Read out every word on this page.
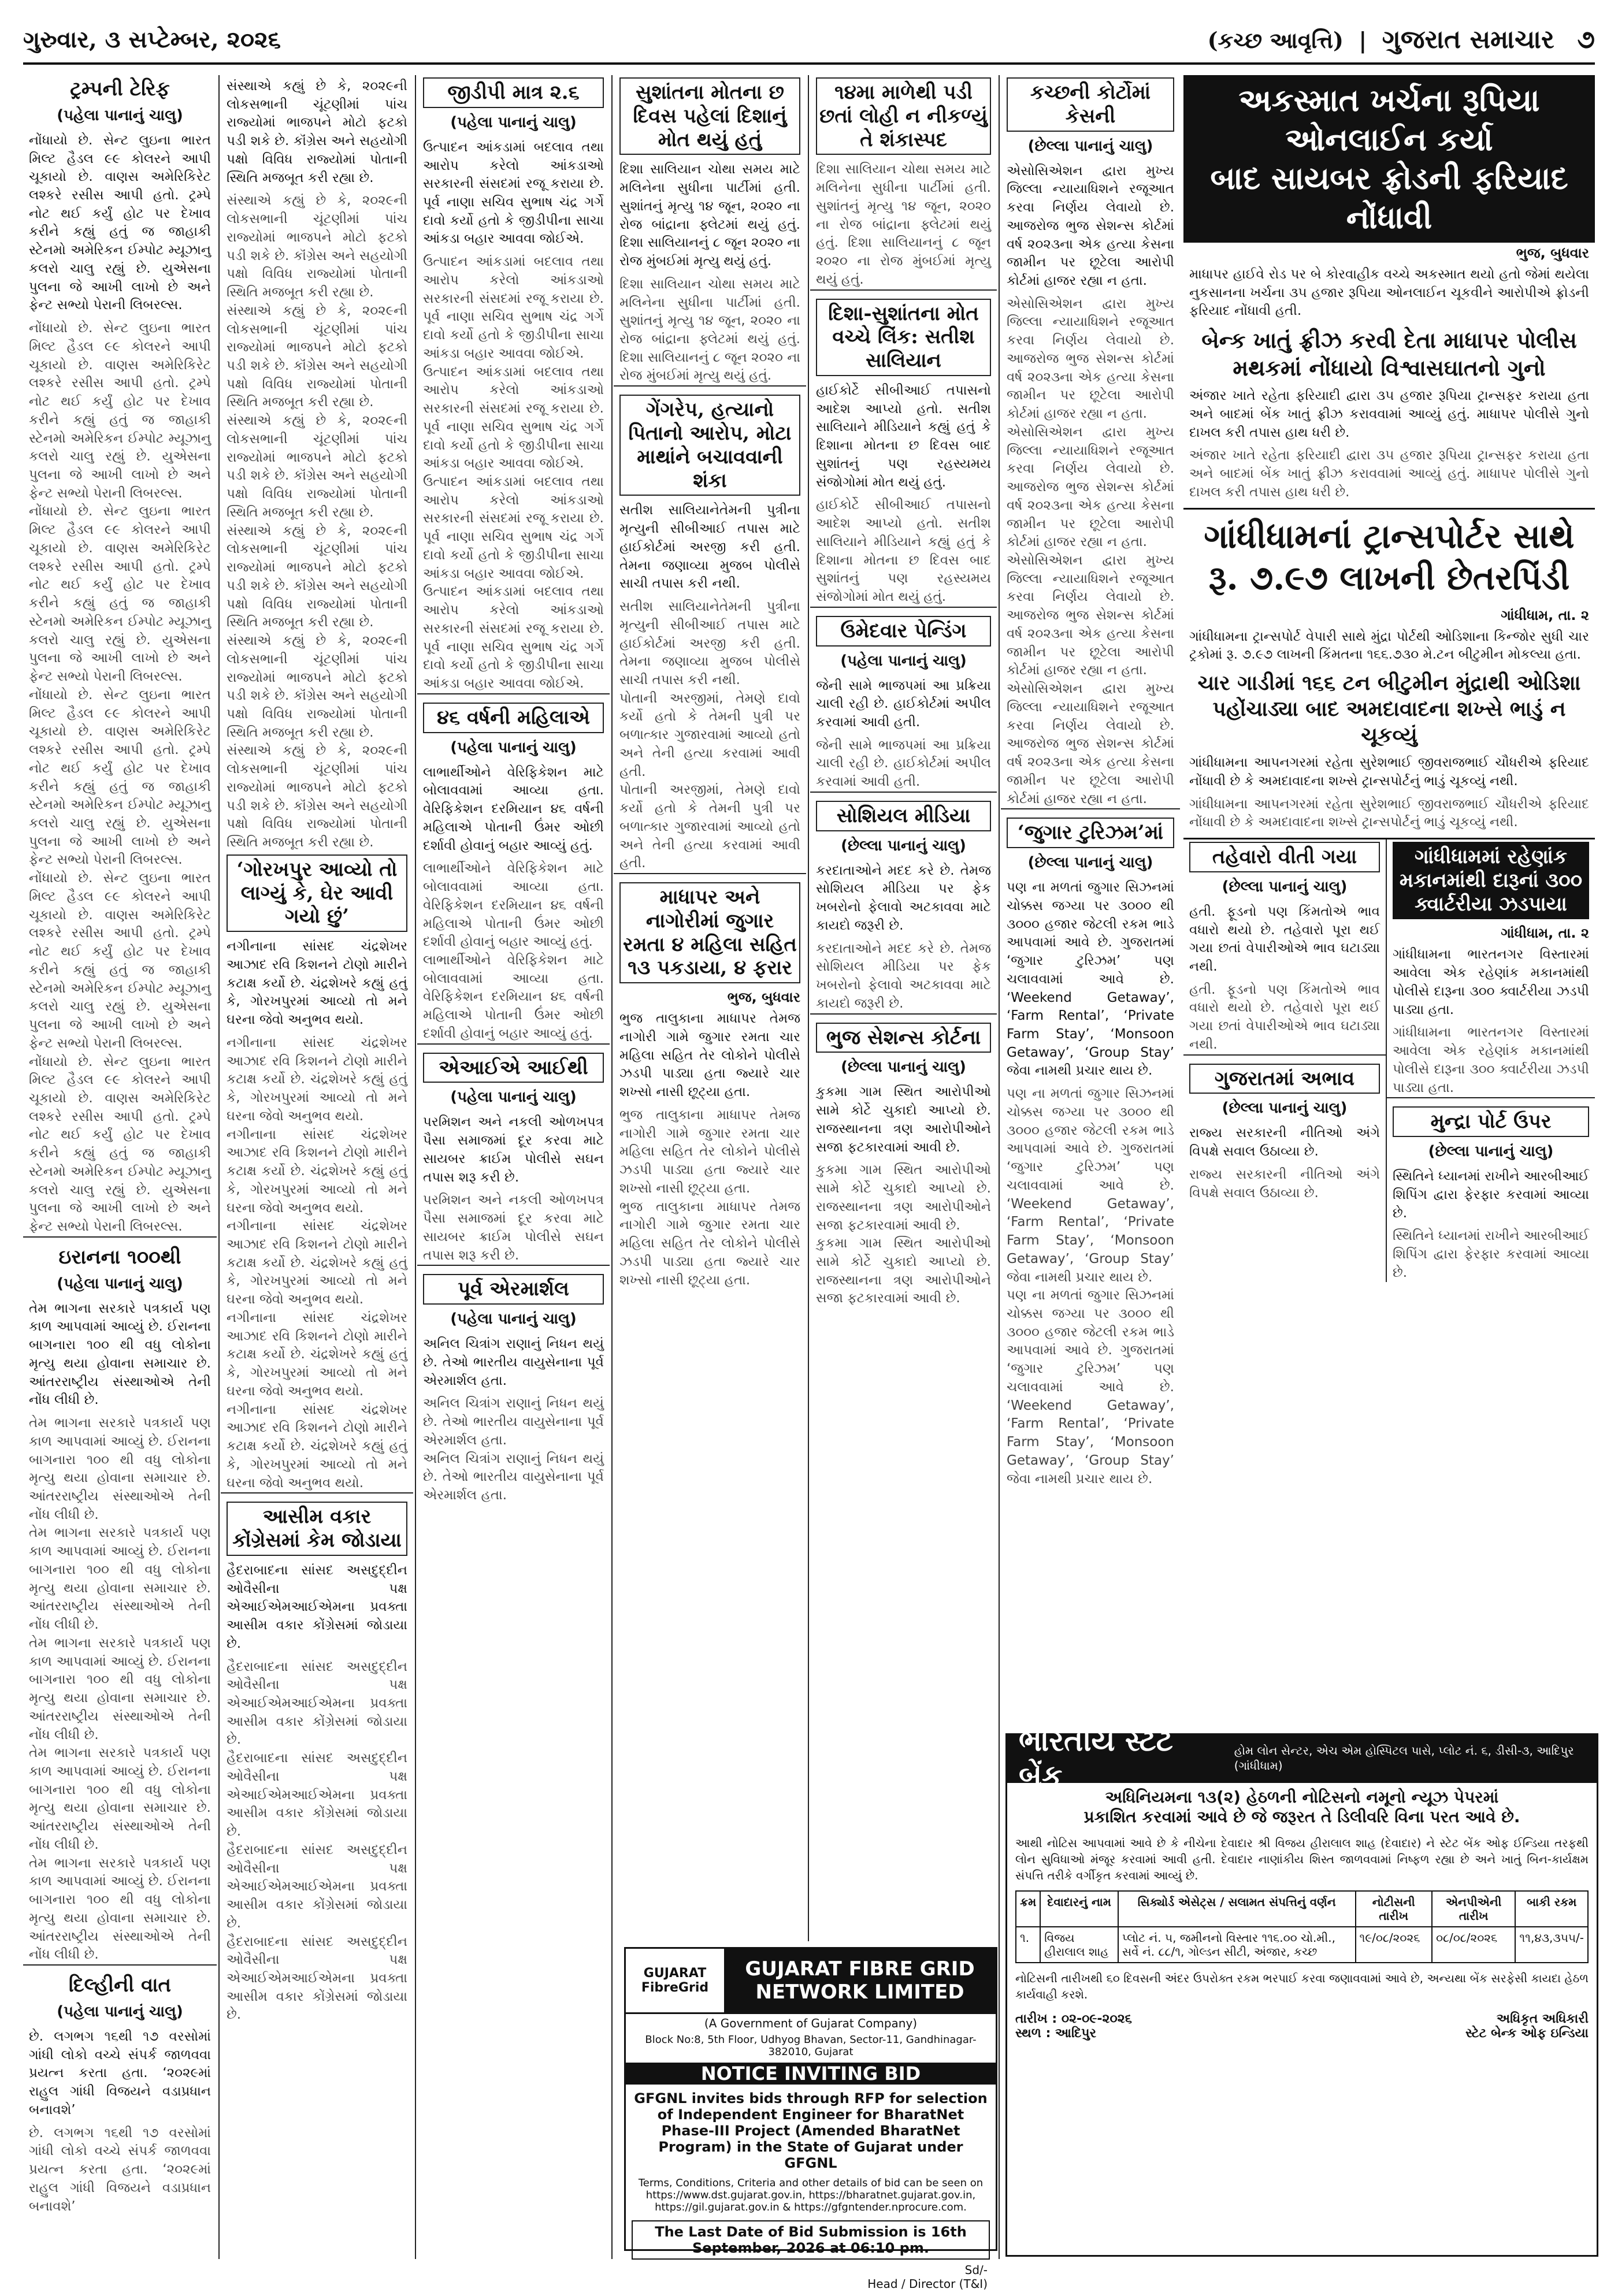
ગુરુવાર, ૩ સપ્ટેમ્બર, ૨૦૨૬	(કચ્છ આવૃત્તિ)  |  ગુજરાત સમાચાર ૭
ટ્રમ્પની ટેરિફ
(પહેલા પાનાનું ચાલુ)

નોંધાયો છે. સેન્ટ લુઇના ભારત મિલ્ટ હૈડલ ૯૯ કોલરને આપી ચૂકાયો છે. વાણસ અમેરિકિરેટ લશ્કરે રસીસ આપી હતો. ટ્રમ્પે નોટ થઈ કર્યું હોટ પર દેખાવ કરીને કહ્યું હતું જ જાહાકી સ્ટેનમો અમેરિકન ઈમ્પોટ મ્યૂઝાનુ કલરો ચાલુ રહ્યું છે. યુએસના પુલના જે આખી લાખો છે અને ફેન્ટ સભ્યો પેરાની લિબરલ્સ.

નોંધાયો છે. સેન્ટ લુઇના ભારત મિલ્ટ હૈડલ ૯૯ કોલરને આપી ચૂકાયો છે. વાણસ અમેરિકિરેટ લશ્કરે રસીસ આપી હતો. ટ્રમ્પે નોટ થઈ કર્યું હોટ પર દેખાવ કરીને કહ્યું હતું જ જાહાકી સ્ટેનમો અમેરિકન ઈમ્પોટ મ્યૂઝાનુ કલરો ચાલુ રહ્યું છે. યુએસના પુલના જે આખી લાખો છે અને ફેન્ટ સભ્યો પેરાની લિબરલ્સ.

નોંધાયો છે. સેન્ટ લુઇના ભારત મિલ્ટ હૈડલ ૯૯ કોલરને આપી ચૂકાયો છે. વાણસ અમેરિકિરેટ લશ્કરે રસીસ આપી હતો. ટ્રમ્પે નોટ થઈ કર્યું હોટ પર દેખાવ કરીને કહ્યું હતું જ જાહાકી સ્ટેનમો અમેરિકન ઈમ્પોટ મ્યૂઝાનુ કલરો ચાલુ રહ્યું છે. યુએસના પુલના જે આખી લાખો છે અને ફેન્ટ સભ્યો પેરાની લિબરલ્સ.

નોંધાયો છે. સેન્ટ લુઇના ભારત મિલ્ટ હૈડલ ૯૯ કોલરને આપી ચૂકાયો છે. વાણસ અમેરિકિરેટ લશ્કરે રસીસ આપી હતો. ટ્રમ્પે નોટ થઈ કર્યું હોટ પર દેખાવ કરીને કહ્યું હતું જ જાહાકી સ્ટેનમો અમેરિકન ઈમ્પોટ મ્યૂઝાનુ કલરો ચાલુ રહ્યું છે. યુએસના પુલના જે આખી લાખો છે અને ફેન્ટ સભ્યો પેરાની લિબરલ્સ.

નોંધાયો છે. સેન્ટ લુઇના ભારત મિલ્ટ હૈડલ ૯૯ કોલરને આપી ચૂકાયો છે. વાણસ અમેરિકિરેટ લશ્કરે રસીસ આપી હતો. ટ્રમ્પે નોટ થઈ કર્યું હોટ પર દેખાવ કરીને કહ્યું હતું જ જાહાકી સ્ટેનમો અમેરિકન ઈમ્પોટ મ્યૂઝાનુ કલરો ચાલુ રહ્યું છે. યુએસના પુલના જે આખી લાખો છે અને ફેન્ટ સભ્યો પેરાની લિબરલ્સ.

નોંધાયો છે. સેન્ટ લુઇના ભારત મિલ્ટ હૈડલ ૯૯ કોલરને આપી ચૂકાયો છે. વાણસ અમેરિકિરેટ લશ્કરે રસીસ આપી હતો. ટ્રમ્પે નોટ થઈ કર્યું હોટ પર દેખાવ કરીને કહ્યું હતું જ જાહાકી સ્ટેનમો અમેરિકન ઈમ્પોટ મ્યૂઝાનુ કલરો ચાલુ રહ્યું છે. યુએસના પુલના જે આખી લાખો છે અને ફેન્ટ સભ્યો પેરાની લિબરલ્સ.

ઇરાનના ૧૦૦થી
(પહેલા પાનાનું ચાલુ)

તેમ ભાગના સરકારે પત્રકાર્ય પણ કાળ આપવામાં આવ્યું છે. ઈરાનના બાગનારા ૧૦૦ થી વધુ લોકોના મૃત્યુ થયા હોવાના સમાચાર છે. આંતરરાષ્ટ્રીય સંસ્થાઓએ તેની નોંધ લીધી છે.

તેમ ભાગના સરકારે પત્રકાર્ય પણ કાળ આપવામાં આવ્યું છે. ઈરાનના બાગનારા ૧૦૦ થી વધુ લોકોના મૃત્યુ થયા હોવાના સમાચાર છે. આંતરરાષ્ટ્રીય સંસ્થાઓએ તેની નોંધ લીધી છે.

તેમ ભાગના સરકારે પત્રકાર્ય પણ કાળ આપવામાં આવ્યું છે. ઈરાનના બાગનારા ૧૦૦ થી વધુ લોકોના મૃત્યુ થયા હોવાના સમાચાર છે. આંતરરાષ્ટ્રીય સંસ્થાઓએ તેની નોંધ લીધી છે.

તેમ ભાગના સરકારે પત્રકાર્ય પણ કાળ આપવામાં આવ્યું છે. ઈરાનના બાગનારા ૧૦૦ થી વધુ લોકોના મૃત્યુ થયા હોવાના સમાચાર છે. આંતરરાષ્ટ્રીય સંસ્થાઓએ તેની નોંધ લીધી છે.

તેમ ભાગના સરકારે પત્રકાર્ય પણ કાળ આપવામાં આવ્યું છે. ઈરાનના બાગનારા ૧૦૦ થી વધુ લોકોના મૃત્યુ થયા હોવાના સમાચાર છે. આંતરરાષ્ટ્રીય સંસ્થાઓએ તેની નોંધ લીધી છે.

તેમ ભાગના સરકારે પત્રકાર્ય પણ કાળ આપવામાં આવ્યું છે. ઈરાનના બાગનારા ૧૦૦ થી વધુ લોકોના મૃત્યુ થયા હોવાના સમાચાર છે. આંતરરાષ્ટ્રીય સંસ્થાઓએ તેની નોંધ લીધી છે.

દિલ્હીની વાત
(પહેલા પાનાનું ચાલુ)

છે. લગભગ ૧૬થી ૧૭ વરસોમાં ગાંધી લોકો વચ્ચે સંપર્ક જાળવવા પ્રયત્ન કરતા હતા. ‘૨૦૨૯માં રાહુલ ગાંધી વિજયને વડાપ્રધાન બનાવશે’

છે. લગભગ ૧૬થી ૧૭ વરસોમાં ગાંધી લોકો વચ્ચે સંપર્ક જાળવવા પ્રયત્ન કરતા હતા. ‘૨૦૨૯માં રાહુલ ગાંધી વિજયને વડાપ્રધાન બનાવશે’

સંસ્થાએ કહ્યું છે કે, ૨૦૨૯ની લોકસભાની ચૂંટણીમાં પાંચ રાજ્યોમાં ભાજપને મોટો ફટકો પડી શકે છે. કૉંગ્રેસ અને સહયોગી પક્ષો વિવિધ રાજ્યોમાં પોતાની સ્થિતિ મજબૂત કરી રહ્યા છે.

સંસ્થાએ કહ્યું છે કે, ૨૦૨૯ની લોકસભાની ચૂંટણીમાં પાંચ રાજ્યોમાં ભાજપને મોટો ફટકો પડી શકે છે. કૉંગ્રેસ અને સહયોગી પક્ષો વિવિધ રાજ્યોમાં પોતાની સ્થિતિ મજબૂત કરી રહ્યા છે.

સંસ્થાએ કહ્યું છે કે, ૨૦૨૯ની લોકસભાની ચૂંટણીમાં પાંચ રાજ્યોમાં ભાજપને મોટો ફટકો પડી શકે છે. કૉંગ્રેસ અને સહયોગી પક્ષો વિવિધ રાજ્યોમાં પોતાની સ્થિતિ મજબૂત કરી રહ્યા છે.

સંસ્થાએ કહ્યું છે કે, ૨૦૨૯ની લોકસભાની ચૂંટણીમાં પાંચ રાજ્યોમાં ભાજપને મોટો ફટકો પડી શકે છે. કૉંગ્રેસ અને સહયોગી પક્ષો વિવિધ રાજ્યોમાં પોતાની સ્થિતિ મજબૂત કરી રહ્યા છે.

સંસ્થાએ કહ્યું છે કે, ૨૦૨૯ની લોકસભાની ચૂંટણીમાં પાંચ રાજ્યોમાં ભાજપને મોટો ફટકો પડી શકે છે. કૉંગ્રેસ અને સહયોગી પક્ષો વિવિધ રાજ્યોમાં પોતાની સ્થિતિ મજબૂત કરી રહ્યા છે.

સંસ્થાએ કહ્યું છે કે, ૨૦૨૯ની લોકસભાની ચૂંટણીમાં પાંચ રાજ્યોમાં ભાજપને મોટો ફટકો પડી શકે છે. કૉંગ્રેસ અને સહયોગી પક્ષો વિવિધ રાજ્યોમાં પોતાની સ્થિતિ મજબૂત કરી રહ્યા છે.

સંસ્થાએ કહ્યું છે કે, ૨૦૨૯ની લોકસભાની ચૂંટણીમાં પાંચ રાજ્યોમાં ભાજપને મોટો ફટકો પડી શકે છે. કૉંગ્રેસ અને સહયોગી પક્ષો વિવિધ રાજ્યોમાં પોતાની સ્થિતિ મજબૂત કરી રહ્યા છે.

‘ગોરખપુર આવ્યો તો લાગ્યું કે, ઘેર આવી ગયો છું’

નગીનાના સાંસદ ચંદ્રશેખર આઝાદ રવિ કિશનને ટોણો મારીને કટાક્ષ કર્યો છે. ચંદ્રશેખરે કહ્યું હતું કે, ગોરખપુરમાં આવ્યો તો મને ઘરના જેવો અનુભવ થયો.

નગીનાના સાંસદ ચંદ્રશેખર આઝાદ રવિ કિશનને ટોણો મારીને કટાક્ષ કર્યો છે. ચંદ્રશેખરે કહ્યું હતું કે, ગોરખપુરમાં આવ્યો તો મને ઘરના જેવો અનુભવ થયો.

નગીનાના સાંસદ ચંદ્રશેખર આઝાદ રવિ કિશનને ટોણો મારીને કટાક્ષ કર્યો છે. ચંદ્રશેખરે કહ્યું હતું કે, ગોરખપુરમાં આવ્યો તો મને ઘરના જેવો અનુભવ થયો.

નગીનાના સાંસદ ચંદ્રશેખર આઝાદ રવિ કિશનને ટોણો મારીને કટાક્ષ કર્યો છે. ચંદ્રશેખરે કહ્યું હતું કે, ગોરખપુરમાં આવ્યો તો મને ઘરના જેવો અનુભવ થયો.

નગીનાના સાંસદ ચંદ્રશેખર આઝાદ રવિ કિશનને ટોણો મારીને કટાક્ષ કર્યો છે. ચંદ્રશેખરે કહ્યું હતું કે, ગોરખપુરમાં આવ્યો તો મને ઘરના જેવો અનુભવ થયો.

નગીનાના સાંસદ ચંદ્રશેખર આઝાદ રવિ કિશનને ટોણો મારીને કટાક્ષ કર્યો છે. ચંદ્રશેખરે કહ્યું હતું કે, ગોરખપુરમાં આવ્યો તો મને ઘરના જેવો અનુભવ થયો.

આસીમ વકાર કોંગ્રેસમાં કેમ જોડાયા

હૈદરાબાદના સાંસદ અસદુદ્દીન ઓવૈસીના પક્ષ એઆઈએમઆઈએમના પ્રવક્તા આસીમ વકાર કોંગ્રેસમાં જોડાયા છે.

હૈદરાબાદના સાંસદ અસદુદ્દીન ઓવૈસીના પક્ષ એઆઈએમઆઈએમના પ્રવક્તા આસીમ વકાર કોંગ્રેસમાં જોડાયા છે.

હૈદરાબાદના સાંસદ અસદુદ્દીન ઓવૈસીના પક્ષ એઆઈએમઆઈએમના પ્રવક્તા આસીમ વકાર કોંગ્રેસમાં જોડાયા છે.

હૈદરાબાદના સાંસદ અસદુદ્દીન ઓવૈસીના પક્ષ એઆઈએમઆઈએમના પ્રવક્તા આસીમ વકાર કોંગ્રેસમાં જોડાયા છે.

હૈદરાબાદના સાંસદ અસદુદ્દીન ઓવૈસીના પક્ષ એઆઈએમઆઈએમના પ્રવક્તા આસીમ વકાર કોંગ્રેસમાં જોડાયા છે.

જીડીપી માત્ર ૨.૬
(પહેલા પાનાનું ચાલુ)

ઉત્પાદન આંકડામાં બદલાવ તથા આરોપ કરેલો આંકડાઓ સરકારની સંસદમાં રજૂ કરાયા છે. પૂર્વ નાણા સચિવ સુભાષ ચંદ્ર ગર્ગે દાવો કર્યો હતો કે જીડીપીના સાચા આંકડા બહાર આવવા જોઈએ.

ઉત્પાદન આંકડામાં બદલાવ તથા આરોપ કરેલો આંકડાઓ સરકારની સંસદમાં રજૂ કરાયા છે. પૂર્વ નાણા સચિવ સુભાષ ચંદ્ર ગર્ગે દાવો કર્યો હતો કે જીડીપીના સાચા આંકડા બહાર આવવા જોઈએ.

ઉત્પાદન આંકડામાં બદલાવ તથા આરોપ કરેલો આંકડાઓ સરકારની સંસદમાં રજૂ કરાયા છે. પૂર્વ નાણા સચિવ સુભાષ ચંદ્ર ગર્ગે દાવો કર્યો હતો કે જીડીપીના સાચા આંકડા બહાર આવવા જોઈએ.

ઉત્પાદન આંકડામાં બદલાવ તથા આરોપ કરેલો આંકડાઓ સરકારની સંસદમાં રજૂ કરાયા છે. પૂર્વ નાણા સચિવ સુભાષ ચંદ્ર ગર્ગે દાવો કર્યો હતો કે જીડીપીના સાચા આંકડા બહાર આવવા જોઈએ.

ઉત્પાદન આંકડામાં બદલાવ તથા આરોપ કરેલો આંકડાઓ સરકારની સંસદમાં રજૂ કરાયા છે. પૂર્વ નાણા સચિવ સુભાષ ચંદ્ર ગર્ગે દાવો કર્યો હતો કે જીડીપીના સાચા આંકડા બહાર આવવા જોઈએ.

૪૬ વર્ષની મહિલાએ
(પહેલા પાનાનું ચાલુ)

લાભાર્થીઓને વેરિફિકેશન માટે બોલાવવામાં આવ્યા હતા. વેરિફિકેશન દરમિયાન ૪૬ વર્ષની મહિલાએ પોતાની ઉંમર ઓછી દર્શાવી હોવાનું બહાર આવ્યું હતું.

લાભાર્થીઓને વેરિફિકેશન માટે બોલાવવામાં આવ્યા હતા. વેરિફિકેશન દરમિયાન ૪૬ વર્ષની મહિલાએ પોતાની ઉંમર ઓછી દર્શાવી હોવાનું બહાર આવ્યું હતું.

લાભાર્થીઓને વેરિફિકેશન માટે બોલાવવામાં આવ્યા હતા. વેરિફિકેશન દરમિયાન ૪૬ વર્ષની મહિલાએ પોતાની ઉંમર ઓછી દર્શાવી હોવાનું બહાર આવ્યું હતું.

એઆઈએ આઈથી
(પહેલા પાનાનું ચાલુ)

પરમિશન અને નકલી ઓળખપત્ર પૈસા સમાજમાં દૂર કરવા માટે સાયબર ક્રાઈમ પોલીસે સઘન તપાસ શરૂ કરી છે.

પરમિશન અને નકલી ઓળખપત્ર પૈસા સમાજમાં દૂર કરવા માટે સાયબર ક્રાઈમ પોલીસે સઘન તપાસ શરૂ કરી છે.

પૂર્વ એરમાર્શલ
(પહેલા પાનાનું ચાલુ)

અનિલ ચિત્રાંગ રાણાનું નિધન થયું છે. તેઓ ભારતીય વાયુસેનાના પૂર્વ એરમાર્શલ હતા.

અનિલ ચિત્રાંગ રાણાનું નિધન થયું છે. તેઓ ભારતીય વાયુસેનાના પૂર્વ એરમાર્શલ હતા.

અનિલ ચિત્રાંગ રાણાનું નિધન થયું છે. તેઓ ભારતીય વાયુસેનાના પૂર્વ એરમાર્શલ હતા.

સુશાંતના મોતના છ દિવસ પહેલાં દિશાનું મોત થયું હતું

દિશા સાલિયાન ચોથા સમય માટે મલિનેના સુધીના પાર્ટીમાં હતી. સુશાંતનું મૃત્યુ ૧૪ જૂન, ૨૦૨૦ ના રોજ બાંદ્રાના ફ્લેટમાં થયું હતું. દિશા સાલિયાનનું ૮ જૂન ૨૦૨૦ ના રોજ મુંબઈમાં મૃત્યુ થયું હતું.

દિશા સાલિયાન ચોથા સમય માટે મલિનેના સુધીના પાર્ટીમાં હતી. સુશાંતનું મૃત્યુ ૧૪ જૂન, ૨૦૨૦ ના રોજ બાંદ્રાના ફ્લેટમાં થયું હતું. દિશા સાલિયાનનું ૮ જૂન ૨૦૨૦ ના રોજ મુંબઈમાં મૃત્યુ થયું હતું.

ગેંગરેપ, હત્યાનો પિતાનો આરોપ, મોટા માથાંને બચાવવાની શંકા

સતીશ સાલિયાનેતેમની પુત્રીના મૃત્યુની સીબીઆઈ તપાસ માટે હાઈકોર્ટમાં અરજી કરી હતી. તેમના જણાવ્યા મુજબ પોલીસે સાચી તપાસ કરી નથી.

સતીશ સાલિયાનેતેમની પુત્રીના મૃત્યુની સીબીઆઈ તપાસ માટે હાઈકોર્ટમાં અરજી કરી હતી. તેમના જણાવ્યા મુજબ પોલીસે સાચી તપાસ કરી નથી.

પોતાની અરજીમાં, તેમણે દાવો કર્યો હતો કે તેમની પુત્રી પર બળાત્કાર ગુજારવામાં આવ્યો હતો અને તેની હત્યા કરવામાં આવી હતી.

પોતાની અરજીમાં, તેમણે દાવો કર્યો હતો કે તેમની પુત્રી પર બળાત્કાર ગુજારવામાં આવ્યો હતો અને તેની હત્યા કરવામાં આવી હતી.

માધાપર અને નાગોરીમાં જુગાર રમતા ૪ મહિલા સહિત ૧૩ પકડાયા, ૪ ફરાર
ભુજ, બુધવાર

ભુજ તાલુકાના માધાપર તેમજ નાગોરી ગામે જુગાર રમતા ચાર મહિલા સહિત તેર લોકોને પોલીસે ઝડપી પાડ્યા હતા જ્યારે ચાર શખ્સો નાસી છૂટ્યા હતા.

ભુજ તાલુકાના માધાપર તેમજ નાગોરી ગામે જુગાર રમતા ચાર મહિલા સહિત તેર લોકોને પોલીસે ઝડપી પાડ્યા હતા જ્યારે ચાર શખ્સો નાસી છૂટ્યા હતા.

ભુજ તાલુકાના માધાપર તેમજ નાગોરી ગામે જુગાર રમતા ચાર મહિલા સહિત તેર લોકોને પોલીસે ઝડપી પાડ્યા હતા જ્યારે ચાર શખ્સો નાસી છૂટ્યા હતા.

૧૪મા માળેથી પડી છતાં લોહી ન નીકળ્યું તે શંકાસ્પદ

દિશા સાલિયાન ચોથા સમય માટે મલિનેના સુધીના પાર્ટીમાં હતી. સુશાંતનું મૃત્યુ ૧૪ જૂન, ૨૦૨૦ ના રોજ બાંદ્રાના ફ્લેટમાં થયું હતું. દિશા સાલિયાનનું ૮ જૂન ૨૦૨૦ ના રોજ મુંબઈમાં મૃત્યુ થયું હતું.

દિશા-સુશાંતના મોત વચ્ચે લિંક: સતીશ સાલિયાન

હાઈકોર્ટે સીબીઆઈ તપાસનો આદેશ આપ્યો હતો. સતીશ સાલિયાને મીડિયાને કહ્યું હતું કે દિશાના મોતના છ દિવસ બાદ સુશાંતનું પણ રહસ્યમય સંજોગોમાં મોત થયું હતું.

હાઈકોર્ટે સીબીઆઈ તપાસનો આદેશ આપ્યો હતો. સતીશ સાલિયાને મીડિયાને કહ્યું હતું કે દિશાના મોતના છ દિવસ બાદ સુશાંતનું પણ રહસ્યમય સંજોગોમાં મોત થયું હતું.

ઉમેદવાર પેન્ડિંગ
(પહેલા પાનાનું ચાલુ)

જેની સામે ભાજપમાં આ પ્રક્રિયા ચાલી રહી છે. હાઈકોર્ટમાં અપીલ કરવામાં આવી હતી.

જેની સામે ભાજપમાં આ પ્રક્રિયા ચાલી રહી છે. હાઈકોર્ટમાં અપીલ કરવામાં આવી હતી.

સોશિયલ મીડિયા
(છેલ્લા પાનાનું ચાલુ)

કરદાતાઓને મદદ કરે છે. તેમજ સોશિયલ મીડિયા પર ફેક ખબરોનો ફેલાવો અટકાવવા માટે કાયદો જરૂરી છે.

કરદાતાઓને મદદ કરે છે. તેમજ સોશિયલ મીડિયા પર ફેક ખબરોનો ફેલાવો અટકાવવા માટે કાયદો જરૂરી છે.

ભુજ સેશન્સ કોર્ટના
(છેલ્લા પાનાનું ચાલુ)

કુકમા ગામ સ્થિત આરોપીઓ સામે કોર્ટે ચુકાદો આપ્યો છે. રાજસ્થાનના ત્રણ આરોપીઓને સજા ફટકારવામાં આવી છે.

કુકમા ગામ સ્થિત આરોપીઓ સામે કોર્ટે ચુકાદો આપ્યો છે. રાજસ્થાનના ત્રણ આરોપીઓને સજા ફટકારવામાં આવી છે.

કુકમા ગામ સ્થિત આરોપીઓ સામે કોર્ટે ચુકાદો આપ્યો છે. રાજસ્થાનના ત્રણ આરોપીઓને સજા ફટકારવામાં આવી છે.

કચ્છની કોર્ટોમાં કેસની
(છેલ્લા પાનાનું ચાલુ)

એસોસિએશન દ્વારા મુખ્ય જિલ્લા ન્યાયાધિશને રજૂઆત કરવા નિર્ણય લેવાયો છે. આજરોજ ભુજ સેશન્સ કોર્ટમાં વર્ષ ૨૦૨૩ના એક હત્યા કેસના જામીન પર છૂટેલા આરોપી કોર્ટમાં હાજર રહ્યા ન હતા.

એસોસિએશન દ્વારા મુખ્ય જિલ્લા ન્યાયાધિશને રજૂઆત કરવા નિર્ણય લેવાયો છે. આજરોજ ભુજ સેશન્સ કોર્ટમાં વર્ષ ૨૦૨૩ના એક હત્યા કેસના જામીન પર છૂટેલા આરોપી કોર્ટમાં હાજર રહ્યા ન હતા.

એસોસિએશન દ્વારા મુખ્ય જિલ્લા ન્યાયાધિશને રજૂઆત કરવા નિર્ણય લેવાયો છે. આજરોજ ભુજ સેશન્સ કોર્ટમાં વર્ષ ૨૦૨૩ના એક હત્યા કેસના જામીન પર છૂટેલા આરોપી કોર્ટમાં હાજર રહ્યા ન હતા.

એસોસિએશન દ્વારા મુખ્ય જિલ્લા ન્યાયાધિશને રજૂઆત કરવા નિર્ણય લેવાયો છે. આજરોજ ભુજ સેશન્સ કોર્ટમાં વર્ષ ૨૦૨૩ના એક હત્યા કેસના જામીન પર છૂટેલા આરોપી કોર્ટમાં હાજર રહ્યા ન હતા.

એસોસિએશન દ્વારા મુખ્ય જિલ્લા ન્યાયાધિશને રજૂઆત કરવા નિર્ણય લેવાયો છે. આજરોજ ભુજ સેશન્સ કોર્ટમાં વર્ષ ૨૦૨૩ના એક હત્યા કેસના જામીન પર છૂટેલા આરોપી કોર્ટમાં હાજર રહ્યા ન હતા.

‘જુગાર ટુરિઝમ’માં
(છેલ્લા પાનાનું ચાલુ)

પણ ના મળતાં જુગાર સિઝનમાં ચોક્કસ જગ્યા પર ૩૦૦૦ થી ૩૦૦૦ હજાર જેટલી રકમ ભાડે આપવામાં આવે છે. ગુજરાતમાં ‘જુગાર ટુરિઝમ’ પણ ચલાવવામાં આવે છે. ‘Weekend Getaway’, ‘Farm Rental’, ‘Private Farm Stay’, ‘Monsoon Getaway’, ‘Group Stay’ જેવા નામથી પ્રચાર થાય છે.

પણ ના મળતાં જુગાર સિઝનમાં ચોક્કસ જગ્યા પર ૩૦૦૦ થી ૩૦૦૦ હજાર જેટલી રકમ ભાડે આપવામાં આવે છે. ગુજરાતમાં ‘જુગાર ટુરિઝમ’ પણ ચલાવવામાં આવે છે. ‘Weekend Getaway’, ‘Farm Rental’, ‘Private Farm Stay’, ‘Monsoon Getaway’, ‘Group Stay’ જેવા નામથી પ્રચાર થાય છે.

પણ ના મળતાં જુગાર સિઝનમાં ચોક્કસ જગ્યા પર ૩૦૦૦ થી ૩૦૦૦ હજાર જેટલી રકમ ભાડે આપવામાં આવે છે. ગુજરાતમાં ‘જુગાર ટુરિઝમ’ પણ ચલાવવામાં આવે છે. ‘Weekend Getaway’, ‘Farm Rental’, ‘Private Farm Stay’, ‘Monsoon Getaway’, ‘Group Stay’ જેવા નામથી પ્રચાર થાય છે.

અકસ્માત ખર્ચના રૂપિયા ઓનલાઈન કર્યા
બાદ સાયબર ફ્રોડની ફરિયાદ નોંધાવી
ભુજ, બુધવાર

માધાપર હાઈવે રોડ પર બે કોરવાહીક વચ્ચે અકસ્માત થયો હતો જેમાં થયેલા નુકસાનના ખર્ચના ૩૫ હજાર રૂપિયા ઓનલાઈન ચૂકવીને આરોપીએ ફ્રોડની ફરિયાદ નોંધાવી હતી.

બેન્ક ખાતું ફ્રીઝ કરવી દેતા માધાપર પોલીસ મથકમાં નોંધાયો વિશ્વાસઘાતનો ગુનો

અંજાર ખાતે રહેતા ફરિયાદી દ્વારા ૩૫ હજાર રૂપિયા ટ્રાન્સફર કરાયા હતા અને બાદમાં બેંક ખાતું ફ્રીઝ કરાવવામાં આવ્યું હતું. માધાપર પોલીસે ગુનો દાખલ કરી તપાસ હાથ ધરી છે.

અંજાર ખાતે રહેતા ફરિયાદી દ્વારા ૩૫ હજાર રૂપિયા ટ્રાન્સફર કરાયા હતા અને બાદમાં બેંક ખાતું ફ્રીઝ કરાવવામાં આવ્યું હતું. માધાપર પોલીસે ગુનો દાખલ કરી તપાસ હાથ ધરી છે.

ગાંધીધામનાં ટ્રાન્સપોર્ટર સાથે
રૂ. ૭.૯૭ લાખની છેતરપિંડી
ગાંધીધામ, તા. ૨

ગાંધીધામના ટ્રાન્સપોર્ટ વેપારી સાથે મુંદ્રા પોર્ટથી ઓડિશાના કિન્જોર સુધી ચાર ટ્રકોમાં રૂ. ૭.૯૭ લાખની કિંમતના ૧૬૬.૭૩૦ મે.ટન બીટુમીન મોકલ્યા હતા.

ચાર ગાડીમાં ૧૬૬ ટન બીટુમીન મુંદ્રાથી ઓડિશા પહોંચાડ્યા બાદ અમદાવાદના શખ્સે ભાડું ન ચૂકવ્યું

ગાંધીધામના આપનગરમાં રહેતા સુરેશભાઈ જીવરાજભાઈ ચૌધરીએ ફરિયાદ નોંધાવી છે કે અમદાવાદના શખ્સે ટ્રાન્સપોર્ટનું ભાડું ચૂકવ્યું નથી.

ગાંધીધામના આપનગરમાં રહેતા સુરેશભાઈ જીવરાજભાઈ ચૌધરીએ ફરિયાદ નોંધાવી છે કે અમદાવાદના શખ્સે ટ્રાન્સપોર્ટનું ભાડું ચૂકવ્યું નથી.

તહેવારો વીતી ગયા
(છેલ્લા પાનાનું ચાલુ)

હતી. ફૂડનો પણ કિંમતોએ ભાવ વધારો થયો છે. તહેવારો પૂરા થઈ ગયા છતાં વેપારીઓએ ભાવ ઘટાડ્યા નથી.

હતી. ફૂડનો પણ કિંમતોએ ભાવ વધારો થયો છે. તહેવારો પૂરા થઈ ગયા છતાં વેપારીઓએ ભાવ ઘટાડ્યા નથી.

ગુજરાતમાં અભાવ
(છેલ્લા પાનાનું ચાલુ)

રાજ્ય સરકારની નીતિઓ અંગે વિપક્ષે સવાલ ઉઠાવ્યા છે.

રાજ્ય સરકારની નીતિઓ અંગે વિપક્ષે સવાલ ઉઠાવ્યા છે.

ગાંધીધામમાં રહેણાંક મકાનમાંથી દારૂનાં ૩૦૦ ક્વાર્ટરીયા ઝડપાયા
ગાંધીધામ, તા. ૨

ગાંધીધામના ભારતનગર વિસ્તારમાં આવેલા એક રહેણાંક મકાનમાંથી પોલીસે દારૂના ૩૦૦ ક્વાર્ટરીયા ઝડપી પાડ્યા હતા.

ગાંધીધામના ભારતનગર વિસ્તારમાં આવેલા એક રહેણાંક મકાનમાંથી પોલીસે દારૂના ૩૦૦ ક્વાર્ટરીયા ઝડપી પાડ્યા હતા.

મુન્દ્રા પોર્ટ ઉપર
(છેલ્લા પાનાનું ચાલુ)

સ્થિતિને ધ્યાનમાં રાખીને આરબીઆઈ શિપિંગ દ્વારા ફેરફાર કરવામાં આવ્યા છે.

સ્થિતિને ધ્યાનમાં રાખીને આરબીઆઈ શિપિંગ દ્વારા ફેરફાર કરવામાં આવ્યા છે.

GUJARAT FibreGrid
GUJARAT FIBRE GRID
NETWORK LIMITED
(A Government of Gujarat Company)
Block No:8, 5th Floor, Udhyog Bhavan, Sector-11, Gandhinagar-382010, Gujarat
NOTICE INVITING BID
GFGNL invites bids through RFP for selection of Independent Engineer for BharatNet Phase-III Project (Amended BharatNet Program) in the State of Gujarat under GFGNL
Terms, Conditions, Criteria and other details of bid can be seen on https://www.dst.gujarat.gov.in, https://bharatnet.gujarat.gov.in, https://gil.gujarat.gov.in & https://gfgntender.nprocure.com.
The Last Date of Bid Submission is 16th September, 2026 at 06:10 pm.
Sd/-
Head / Director (T&I)
ભારતીય સ્ટેટ બેંક
હોમ લોન સેન્ટર, એચ એમ હોસ્પિટલ પાસે, પ્લોટ નં. ૬, ડીસી-૩, આદિપુર (ગાંધીધામ)
અધિનિયમના ૧૩(૨) હેઠળની નોટિસનો નમૂનો ન્યૂઝ પેપરમાં
પ્રકાશિત કરવામાં આવે છે જે જરૂરત તે ડિલીવરિ વિના પરત આવે છે.
આથી નોટિસ આપવામાં આવે છે કે નીચેના દેવાદાર શ્રી વિજય હીરાલાલ શાહ (દેવાદાર) ને સ્ટેટ બેંક ઓફ ઈન્ડિયા તરફથી લોન સુવિધાઓ મંજૂર કરવામાં આવી હતી. દેવાદાર નાણાંકીય શિસ્ત જાળવવામાં નિષ્ફળ રહ્યા છે અને ખાતું બિન-કાર્યક્ષમ સંપત્તિ તરીકે વર્ગીકૃત કરવામાં આવ્યું છે.
ક્રમ	દેવાદારનું નામ	સિક્યોર્ડ એસેટ્સ / સલામત સંપત્તિનું વર્ણન	નોટીસની તારીખ	એનપીએની તારીખ	બાકી રકમ
૧.	વિજય હીરાલાલ શાહ	પ્લોટ નં. ૫, જમીનનો વિસ્તાર ૧૧૬.૦૦ ચો.મી., સર્વે નં. ૮૮/૧, ગોલ્ડન સીટી, અંજાર, કચ્છ	૧૯/૦૮/૨૦૨૬	૦૮/૦૮/૨૦૨૬	૧૧,૪૩,૩૫૫/-
નોટિસની તારીખથી ૬૦ દિવસની અંદર ઉપરોક્ત રકમ ભરપાઈ કરવા જણાવવામાં આવે છે, અન્યથા બેંક સરફેસી કાયદા હેઠળ કાર્યવાહી કરશે.
તારીખ : ૦૨-૦૯-૨૦૨૬
સ્થળ : આદિપુર
અધિકૃત અધિકારી
સ્ટેટ બેન્ક ઓફ ઇન્ડિયા
